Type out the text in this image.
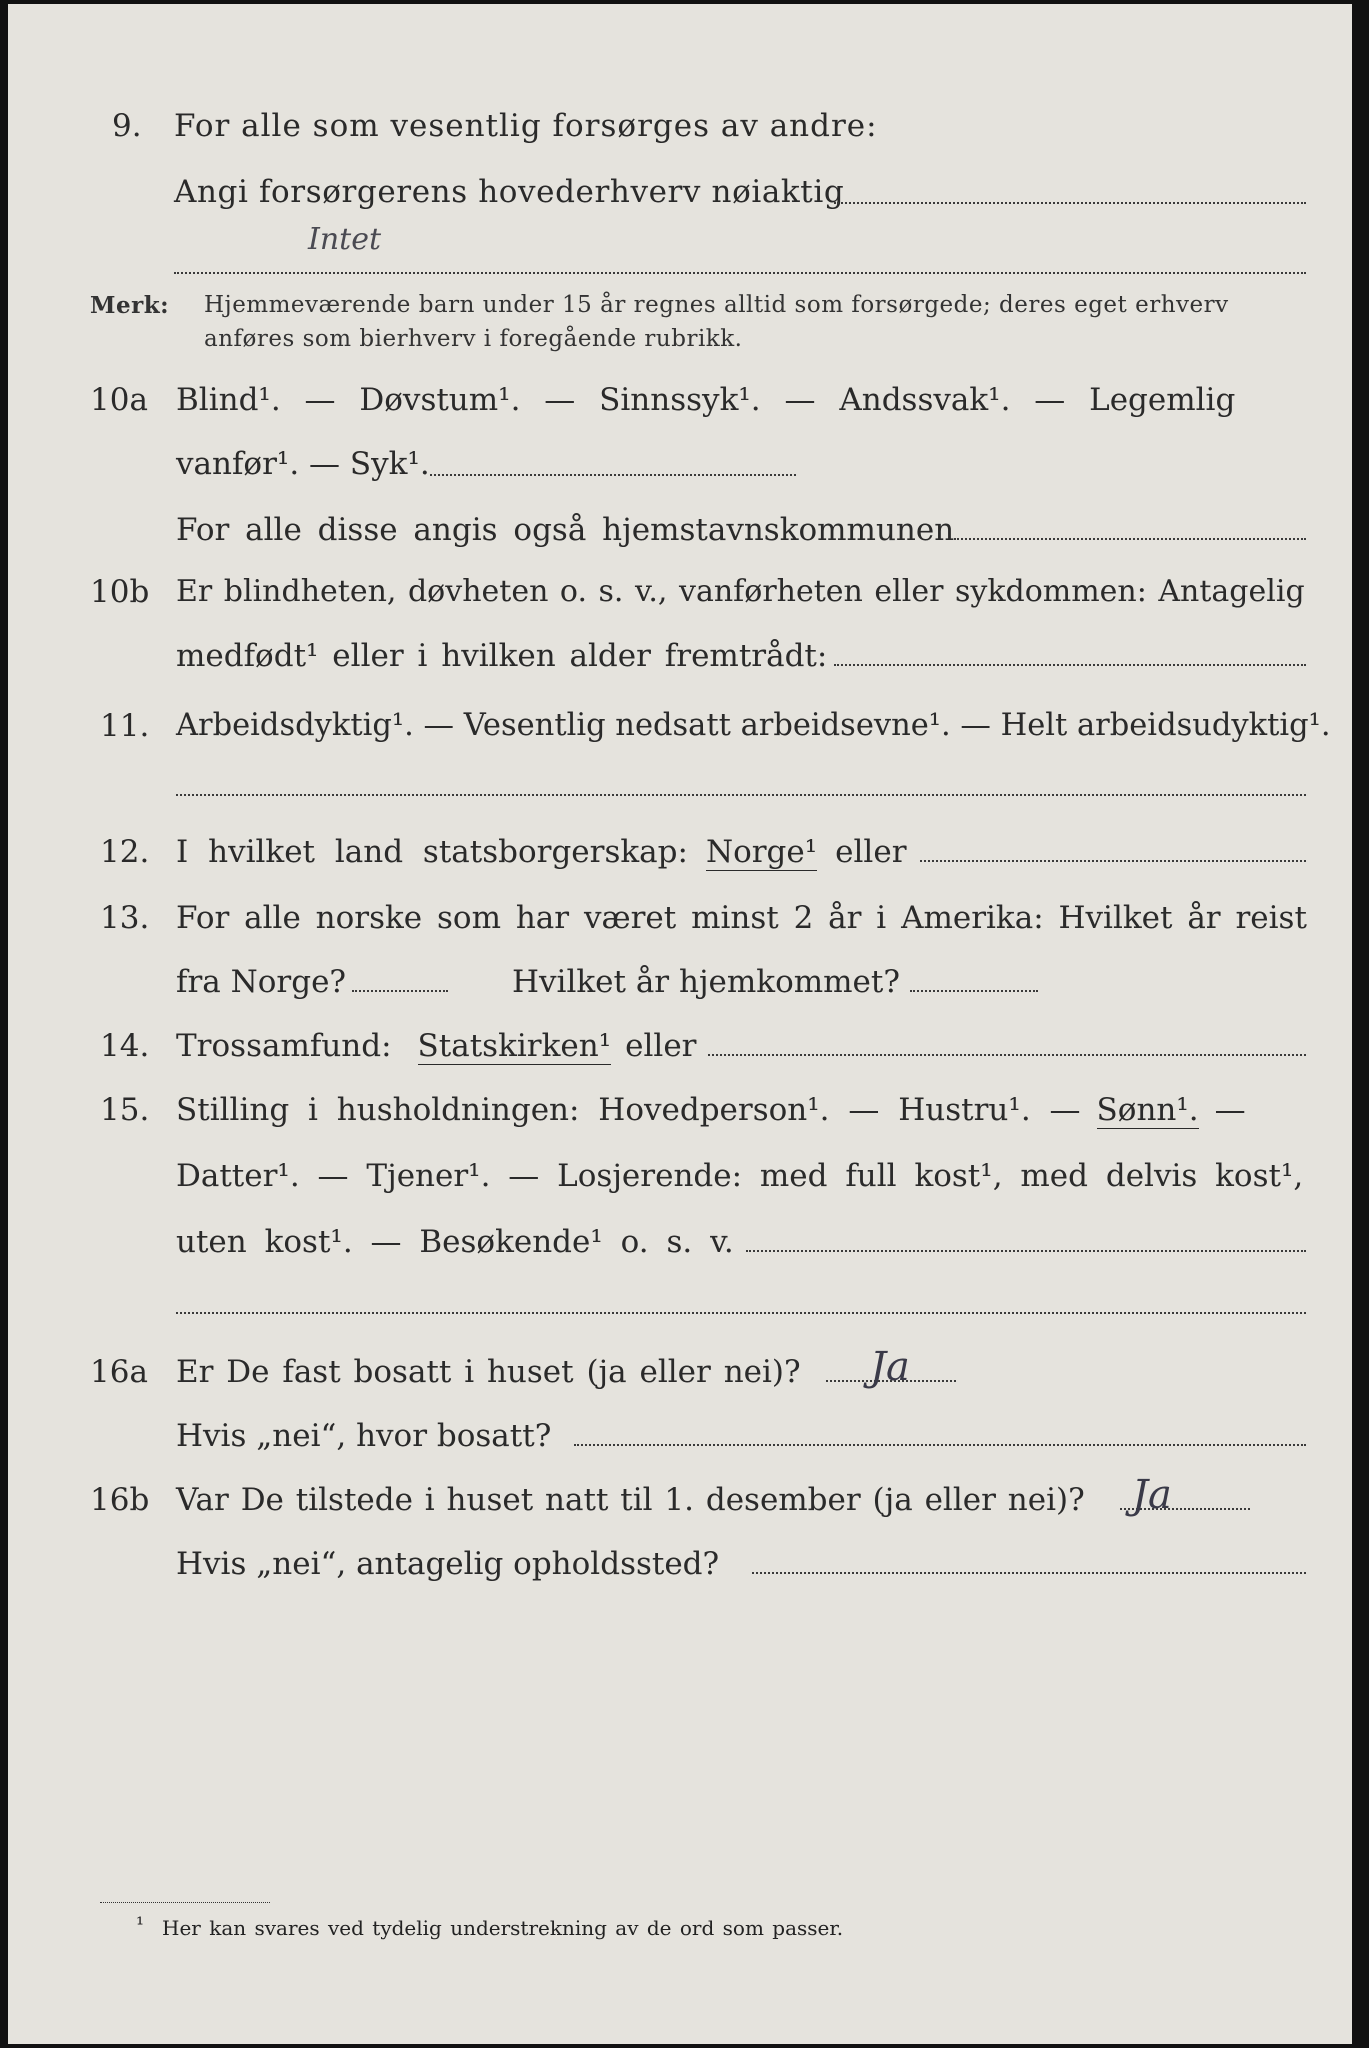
9. For alle som vesentlig forsørges av andre:
Angi forsørgerens hovederhverv nøiaktig
Intet
Merk: Hjemmeværende barn under 15 år regnes alltid som forsørgede; deres eget erhverv
anføres som bierhverv i foregående rubrikk.
10a Blind¹. — Døvstum¹. — Sinnssyk¹. — Andssvak¹. — Legemlig
vanfør¹. — Syk¹.
For alle disse angis også hjemstavnskommunen
10b Er blindheten, døvheten o. s. v., vanførheten eller sykdommen: Antagelig
medfødt¹ eller i hvilken alder fremtrådt:
11. Arbeidsdyktig¹. — Vesentlig nedsatt arbeidsevne¹. — Helt arbeidsudyktig¹.
12. I hvilket land statsborgerskap: Norge¹ eller
13. For alle norske som har været minst 2 år i Amerika: Hvilket år reist
fra Norge?	Hvilket år hjemkommet?
14. Trossamfund: Statskirken¹ eller
15. Stilling i husholdningen: Hovedperson¹. — Hustru¹. — Sønn¹. —
Datter¹. — Tjener¹. — Losjerende: med full kost¹, med delvis kost¹,
uten kost¹. — Besøkende¹ o. s. v.
16a Er De fast bosatt i huset (ja eller nei)? Ja
Hvis „nei“, hvor bosatt?
16b Var De tilstede i huset natt til 1. desember (ja eller nei)? Ja
Hvis „nei“, antagelig opholdssted?
¹ Her kan svares ved tydelig understrekning av de ord som passer.
